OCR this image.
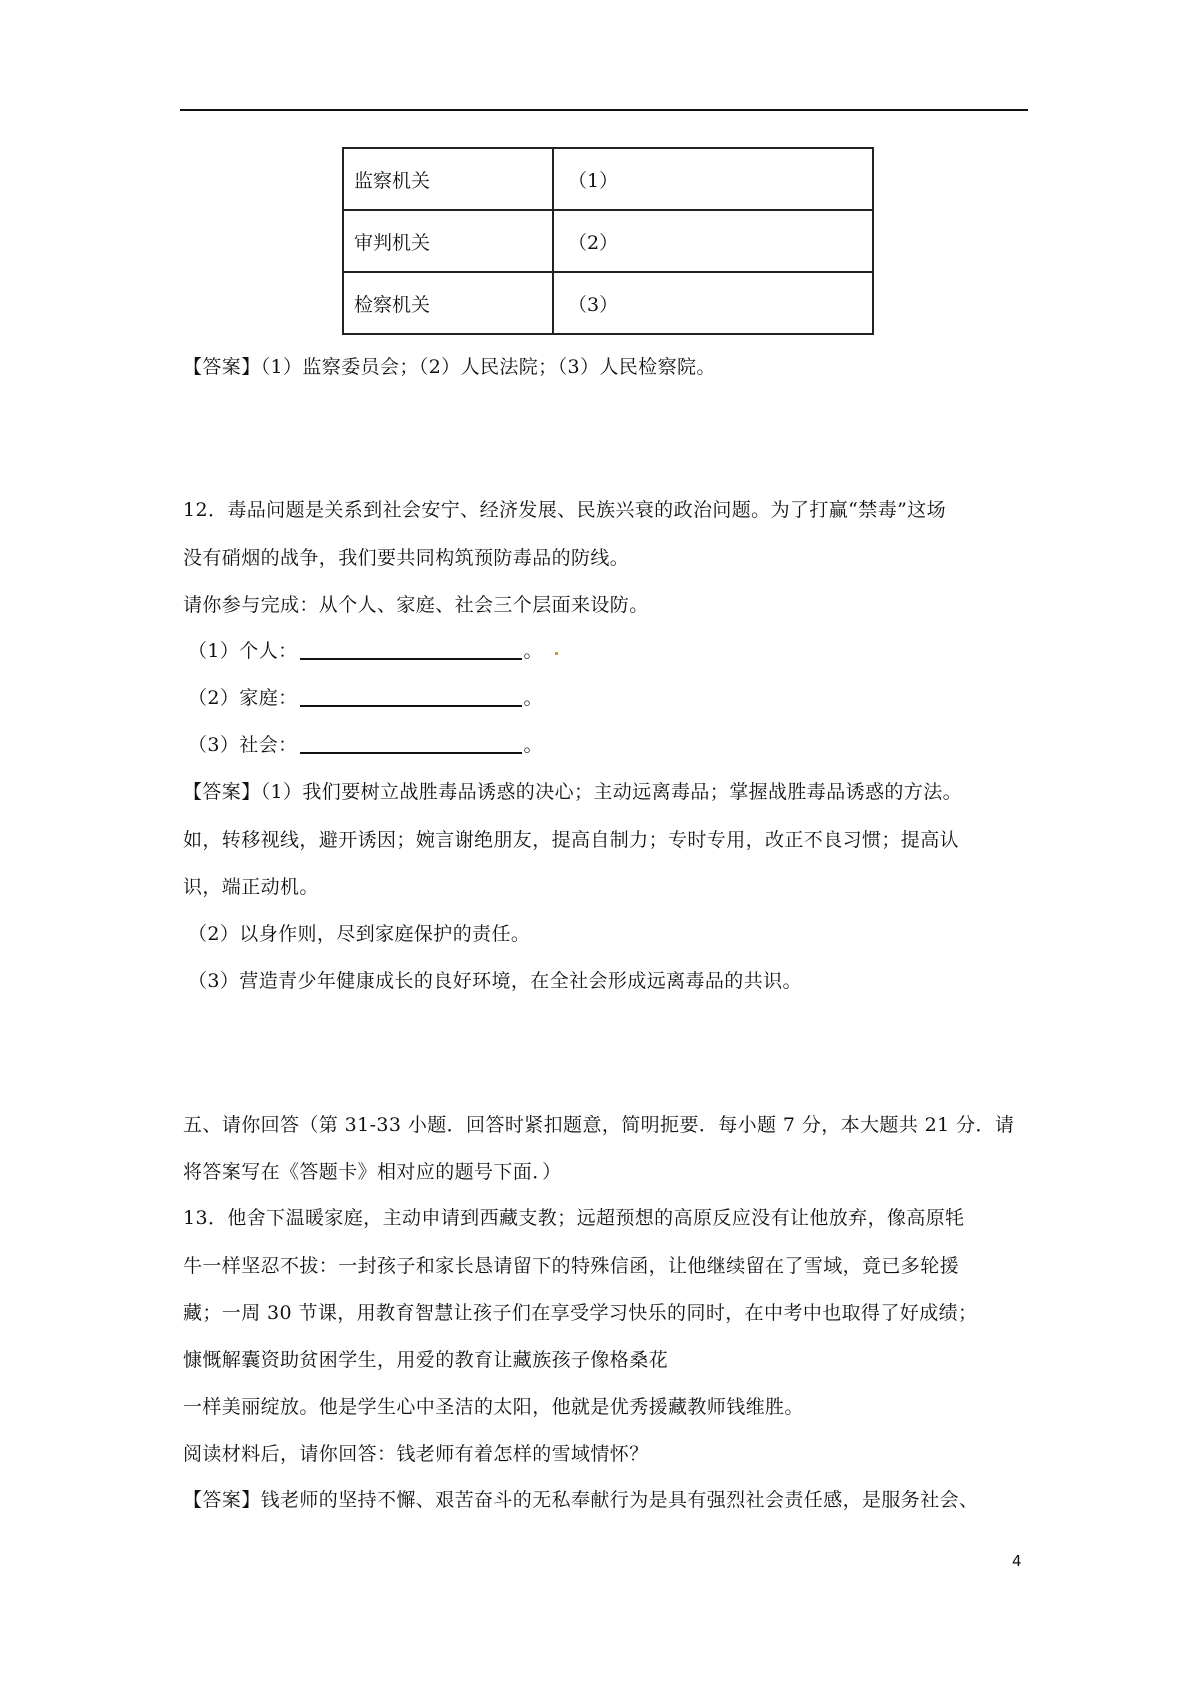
监察机关	（1）
审判机关	（2）
检察机关	（3）
【答案】（1）监察委员会；（2）人民法院；（3）人民检察院。
12．毒品问题是关系到社会安宁、经济发展、民族兴衰的政治问题。为了打赢“禁毒”这场
没有硝烟的战争，我们要共同构筑预防毒品的防线。
请你参与完成：从个人、家庭、社会三个层面来设防。
（1）个人：	。
（2）家庭：	。
（3）社会：	。
【答案】（1）我们要树立战胜毒品诱惑的决心；主动远离毒品；掌握战胜毒品诱惑的方法。
如，转移视线，避开诱因；婉言谢绝朋友，提高自制力；专时专用，改正不良习惯；提高认
识，端正动机。
（2）以身作则，尽到家庭保护的责任。
（3）营造青少年健康成长的良好环境，在全社会形成远离毒品的共识。
五、请你回答（第 31-33 小题．回答时紧扣题意，简明扼要．每小题 7 分，本大题共 21 分．请
将答案写在《答题卡》相对应的题号下面．）
13．他舍下温暖家庭，主动申请到西藏支教；远超预想的高原反应没有让他放弃，像高原牦
牛一样坚忍不拔：一封孩子和家长恳请留下的特殊信函，让他继续留在了雪域，竟已多轮援
藏；一周 30 节课，用教育智慧让孩子们在享受学习快乐的同时，在中考中也取得了好成绩；
慷慨解囊资助贫困学生，用爱的教育让藏族孩子像格桑花
一样美丽绽放。他是学生心中圣洁的太阳，他就是优秀援藏教师钱维胜。
阅读材料后，请你回答：钱老师有着怎样的雪域情怀？
【答案】钱老师的坚持不懈、艰苦奋斗的无私奉献行为是具有强烈社会责任感，是服务社会、
4
